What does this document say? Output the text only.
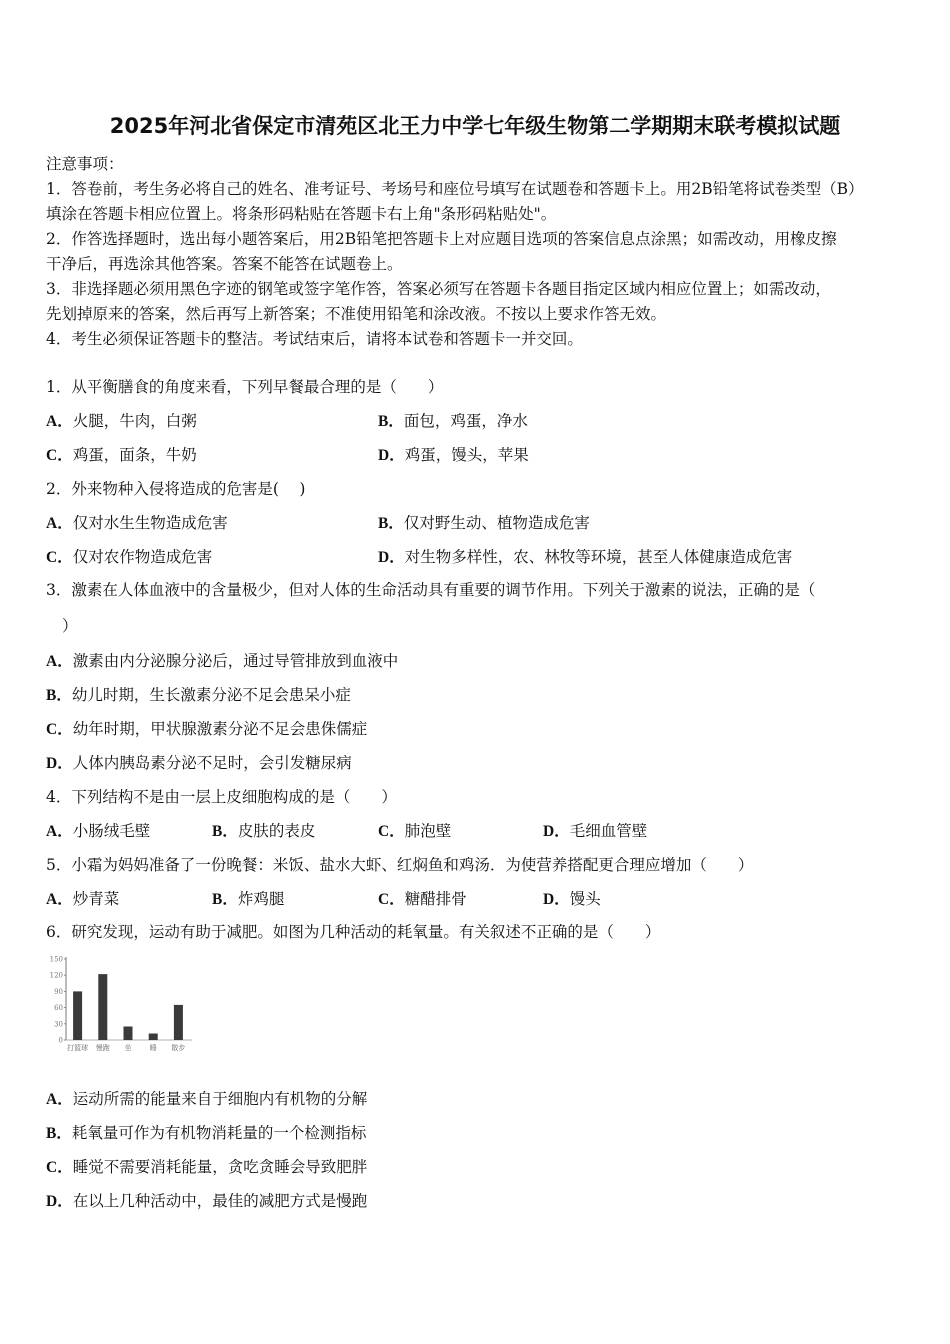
2025年河北省保定市清苑区北王力中学七年级生物第二学期期末联考模拟试题
注意事项：
1．答卷前，考生务必将自己的姓名、准考证号、考场号和座位号填写在试题卷和答题卡上。用2B铅笔将试卷类型（B）
填涂在答题卡相应位置上。将条形码粘贴在答题卡右上角"条形码粘贴处"。
2．作答选择题时，选出每小题答案后，用2B铅笔把答题卡上对应题目选项的答案信息点涂黑；如需改动，用橡皮擦
干净后，再选涂其他答案。答案不能答在试题卷上。
3．非选择题必须用黑色字迹的钢笔或签字笔作答，答案必须写在答题卡各题目指定区域内相应位置上；如需改动，
先划掉原来的答案，然后再写上新答案；不准使用铅笔和涂改液。不按以上要求作答无效。
4．考生必须保证答题卡的整洁。考试结束后，请将本试卷和答题卡一并交回。
1．从平衡膳食的角度来看，下列早餐最合理的是（　　）
A．火腿，牛肉，白粥	B．面包，鸡蛋，净水
C．鸡蛋，面条，牛奶	D．鸡蛋，馒头，苹果
2．外来物种入侵将造成的危害是(　 )
A．仅对水生生物造成危害	B．仅对野生动、植物造成危害
C．仅对农作物造成危害	D．对生物多样性，农、林牧等环境，甚至人体健康造成危害
3．激素在人体血液中的含量极少，但对人体的生命活动具有重要的调节作用。下列关于激素的说法，正确的是（
）
A．激素由内分泌腺分泌后，通过导管排放到血液中
B．幼儿时期，生长激素分泌不足会患呆小症
C．幼年时期，甲状腺激素分泌不足会患侏儒症
D．人体内胰岛素分泌不足时，会引发糖尿病
4．下列结构不是由一层上皮细胞构成的是（　　）
A．小肠绒毛壁	B．皮肤的表皮	C．肺泡壁	D．毛细血管壁
5．小霜为妈妈准备了一份晚餐：米饭、盐水大虾、红焖鱼和鸡汤．为使营养搭配更合理应增加（　　）
A．炒青菜	B．炸鸡腿	C．糖醋排骨	D．馒头
6．研究发现，运动有助于减肥。如图为几种活动的耗氧量。有关叙述不正确的是（　　）
0
30
60
90
120
150
打篮球 慢跑 坐	睡 散步
A．运动所需的能量来自于细胞内有机物的分解
B．耗氧量可作为有机物消耗量的一个检测指标
C．睡觉不需要消耗能量，贪吃贪睡会导致肥胖
D．在以上几种活动中，最佳的减肥方式是慢跑
